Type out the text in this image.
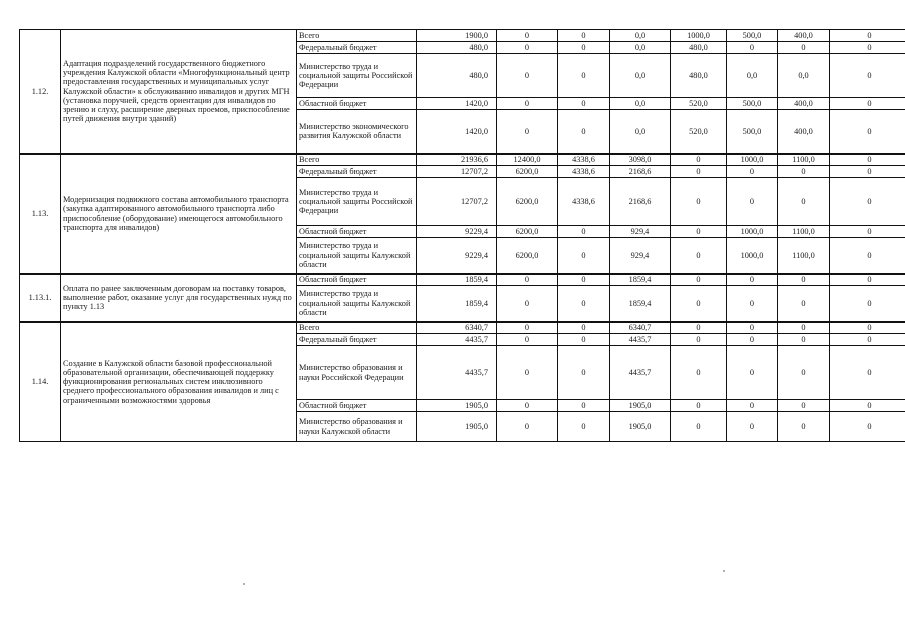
1.12.	Адаптация подразделений государственного бюджетного учреждения Калужской области «Многофункциональный центр предоставления государственных и муниципальных услуг Калужской области» к обслуживанию инвалидов и других МГН (установка поручней, средств ориентации для инвалидов по зрению и слуху, расширение дверных проемов, приспособление путей движения внутри зданий)	Всего	1900,0	0	0	0,0	1000,0	500,0	400,0	0
		Федеральный бюджет	480,0	0	0	0,0	480,0	0	0	0
		Министерство труда и социальной защиты Российской Федерации	480,0	0	0	0,0	480,0	0,0	0,0	0
		Областной бюджет	1420,0	0	0	0,0	520,0	500,0	400,0	0
		Министерство экономического развития Калужской области	1420,0	0	0	0,0	520,0	500,0	400,0	0
1.13.	Модернизация подвижного состава автомобильного транспорта (закупка адаптированного автомобильного транспорта либо приспособление (оборудование) имеющегося автомобильного транспорта для инвалидов)	Всего	21936,6	12400,0	4338,6	3098,0	0	1000,0	1100,0	0
		Федеральный бюджет	12707,2	6200,0	4338,6	2168,6	0	0	0	0
		Министерство труда и социальной защиты Российской Федерации	12707,2	6200,0	4338,6	2168,6	0	0	0	0
		Областной бюджет	9229,4	6200,0	0	929,4	0	1000,0	1100,0	0
		Министерство труда и социальной защиты Калужской области	9229,4	6200,0	0	929,4	0	1000,0	1100,0	0
1.13.1.	Оплата по ранее заключенным договорам на поставку товаров, выполнение работ, оказание услуг для государственных нужд по пункту 1.13	Областной бюджет	1859,4	0	0	1859,4	0	0	0	0
		Министерство труда и социальной защиты Калужской области	1859,4	0	0	1859,4	0	0	0	0
1.14.	Создание в Калужской области базовой профессиональной образовательной организации, обеспечивающей поддержку функционирования региональных систем инклюзивного среднего профессионального образования инвалидов и лиц с ограниченными возможностями здоровья	Всего	6340,7	0	0	6340,7	0	0	0	0
		Федеральный бюджет	4435,7	0	0	4435,7	0	0	0	0
		Министерство образования и науки Российской Федерации	4435,7	0	0	4435,7	0	0	0	0
		Областной бюджет	1905,0	0	0	1905,0	0	0	0	0
		Министерство образования и науки Калужской области	1905,0	0	0	1905,0	0	0	0	0
